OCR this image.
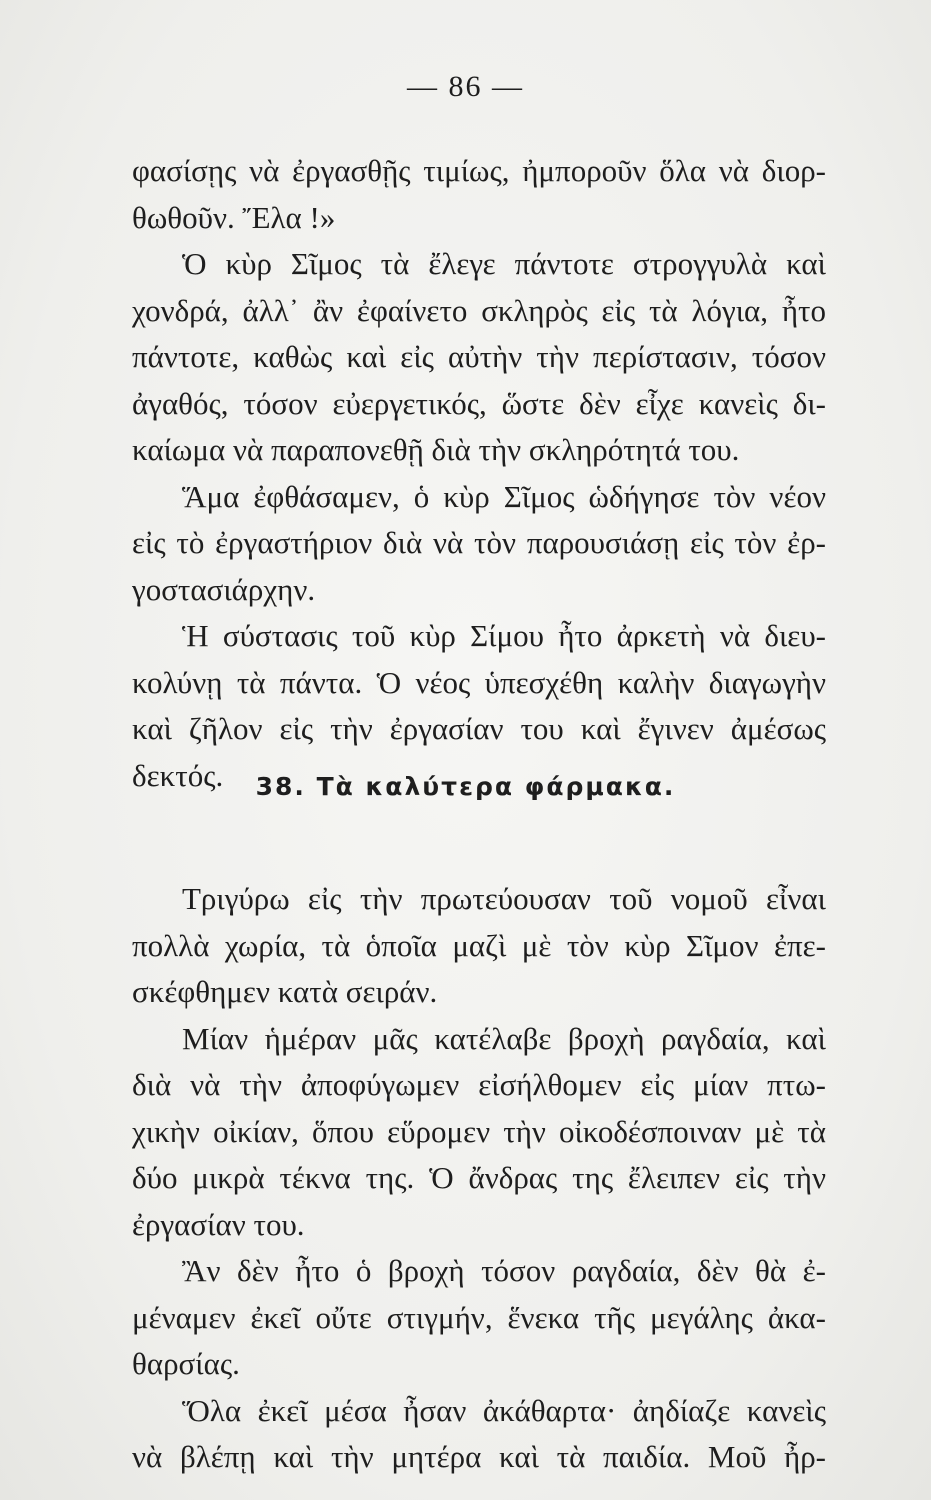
— 86 —
φασίσῃς νὰ ἐργασθῇς τιμίως, ἠμποροῦν ὅλα νὰ διορ-
θωθοῦν. Ἔλα !»
Ὁ κὺρ Σῖμος τὰ ἔλεγε πάντοτε στρογγυλὰ καὶ
χονδρά, ἀλλ᾽ ἂν ἐφαίνετο σκληρὸς εἰς τὰ λόγια, ἦτο
πάντοτε, καθὼς καὶ εἰς αὐτὴν τὴν περίστασιν, τόσον
ἀγαθός, τόσον εὐεργετικός, ὥστε δὲν εἶχε κανεὶς δι-
καίωμα νὰ παραπονεθῇ διὰ τὴν σκληρότητά του.
Ἅμα ἐφθάσαμεν, ὁ κὺρ Σῖμος ὡδήγησε τὸν νέον
εἰς τὸ ἐργαστήριον διὰ νὰ τὸν παρουσιάσῃ εἰς τὸν ἐρ-
γοστασιάρχην.
Ἡ σύστασις τοῦ κὺρ Σίμου ἦτο ἀρκετὴ νὰ διευ-
κολύνῃ τὰ πάντα. Ὁ νέος ὑπεσχέθη καλὴν διαγωγὴν
καὶ ζῆλον εἰς τὴν ἐργασίαν του καὶ ἔγινεν ἀμέσως
δεκτός.	38. Τὰ καλύτερα φάρμακα.
Τριγύρω εἰς τὴν πρωτεύουσαν τοῦ νομοῦ εἶναι
πολλὰ χωρία, τὰ ὁποῖα μαζὶ μὲ τὸν κὺρ Σῖμον ἐπε-
σκέφθημεν κατὰ σειράν.
Μίαν ἡμέραν μᾶς κατέλαβε βροχὴ ραγδαία, καὶ
διὰ νὰ τὴν ἀποφύγωμεν εἰσήλθομεν εἰς μίαν πτω-
χικὴν οἰκίαν, ὅπου εὕρομεν τὴν οἰκοδέσποιναν μὲ τὰ
δύο μικρὰ τέκνα της. Ὁ ἄνδρας της ἔλειπεν εἰς τὴν
ἐργασίαν του.
Ἂν δὲν ἦτο ὁ βροχὴ τόσον ραγδαία, δὲν θὰ ἐ-
μέναμεν ἐκεῖ οὔτε στιγμήν, ἕνεκα τῆς μεγάλης ἀκα-
θαρσίας.
Ὅλα ἐκεῖ μέσα ἦσαν ἀκάθαρτα· ἀηδίαζε κανεὶς
νὰ βλέπῃ καὶ τὴν μητέρα καὶ τὰ παιδία. Μοῦ ἦρ-
